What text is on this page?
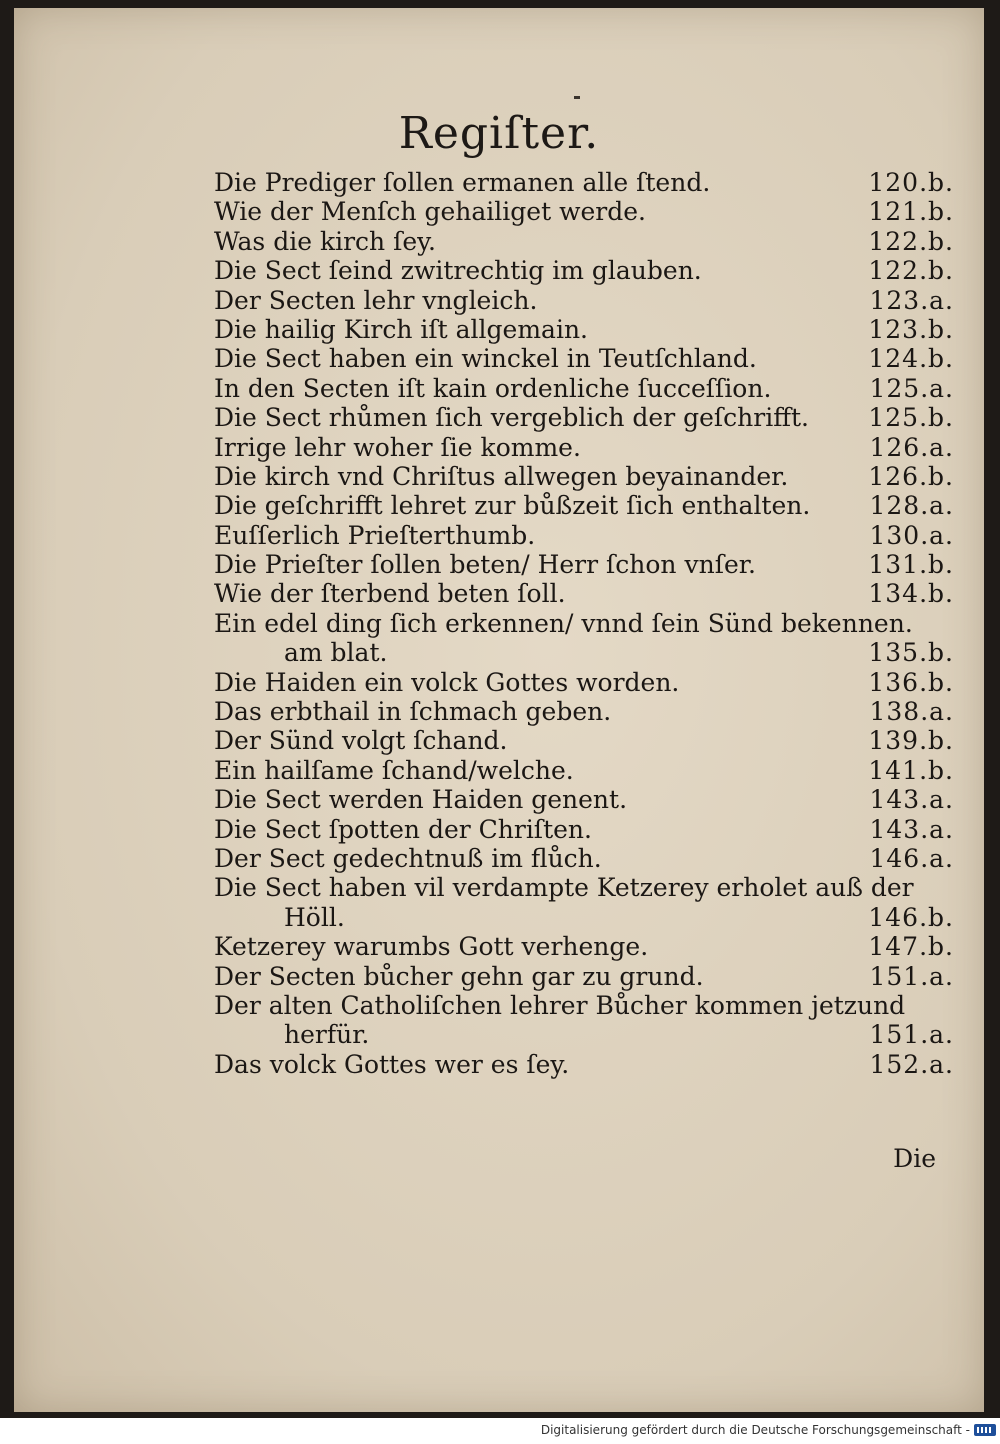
Regiſter.
Die Prediger ſollen ermanen alle ſtend.	120.b.
Wie der Menſch gehailiget werde.	121.b.
Was die kirch ſey.	122.b.
Die Sect ſeind zwitrechtig im glauben.	122.b.
Der Secten lehr vngleich.	123.a.
Die hailig Kirch iſt allgemain.	123.b.
Die Sect haben ein winckel in Teutſchland.	124.b.
In den Secten iſt kain ordenliche ſucceſſion.	125.a.
Die Sect rhůmen ſich vergeblich der geſchrifft. 125.b.
Irrige lehr woher ſie komme.	126.a.
Die kirch vnd Chriſtus allwegen beyainander.	126.b.
Die geſchrifft lehret zur bůßzeit ſich enthalten. 128.a.
Euſſerlich Prieſterthumb.	130.a.
Die Prieſter ſollen beten/ Herr ſchon vnſer.	131.b.
Wie der ſterbend beten ſoll.	134.b.
Ein edel ding ſich erkennen/ vnnd ſein Sünd bekennen.
am blat.	135.b.
Die Haiden ein volck Gottes worden.	136.b.
Das erbthail in ſchmach geben.	138.a.
Der Sünd volgt ſchand.	139.b.
Ein hailſame ſchand/welche.	141.b.
Die Sect werden Haiden genent.	143.a.
Die Sect ſpotten der Chriſten.	143.a.
Der Sect gedechtnuß im flůch.	146.a.
Die Sect haben vil verdampte Ketzerey erholet auß der
Höll.	146.b.
Ketzerey warumbs Gott verhenge.	147.b.
Der Secten bůcher gehn gar zu grund.	151.a.
Der alten Catholiſchen lehrer Bůcher kommen jetzund
herfür.	151.a.
Das volck Gottes wer es ſey.	152.a.
Die
Digitalisierung gefördert durch die Deutsche Forschungsgemeinschaft -
